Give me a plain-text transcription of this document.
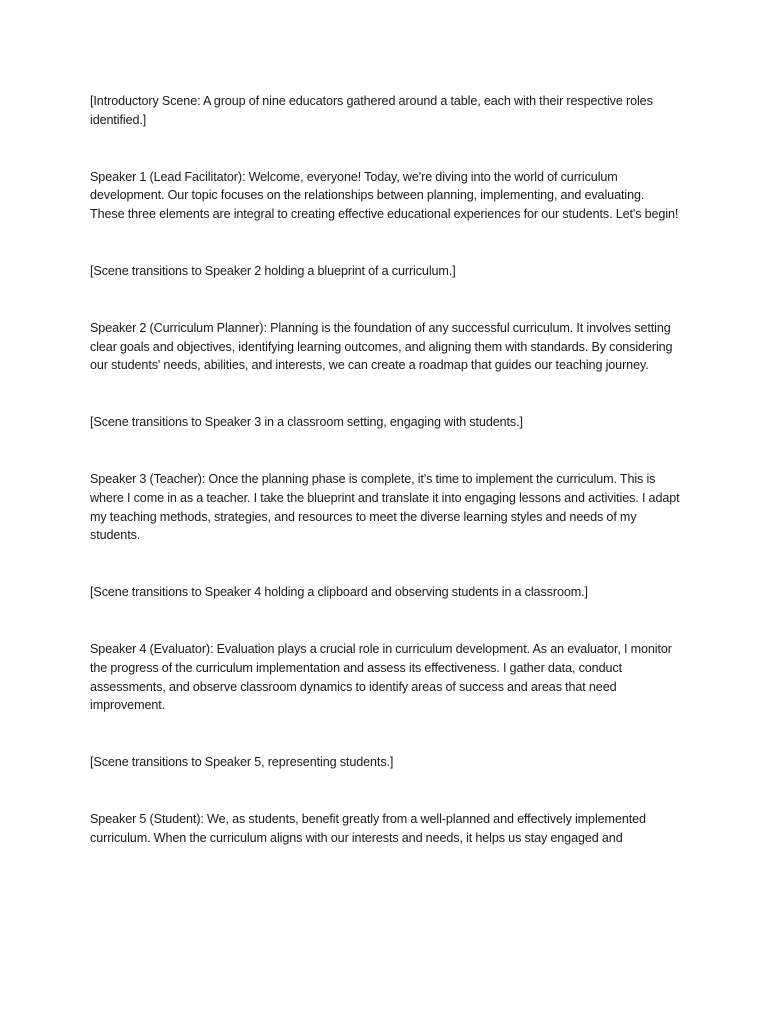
[Introductory Scene: A group of nine educators gathered around a table, each with their respective roles identified.]

Speaker 1 (Lead Facilitator): Welcome, everyone! Today, we're diving into the world of curriculum development. Our topic focuses on the relationships between planning, implementing, and evaluating. These three elements are integral to creating effective educational experiences for our students. Let's begin!

[Scene transitions to Speaker 2 holding a blueprint of a curriculum.]

Speaker 2 (Curriculum Planner): Planning is the foundation of any successful curriculum. It involves setting clear goals and objectives, identifying learning outcomes, and aligning them with standards. By considering our students' needs, abilities, and interests, we can create a roadmap that guides our teaching journey.

[Scene transitions to Speaker 3 in a classroom setting, engaging with students.]

Speaker 3 (Teacher): Once the planning phase is complete, it's time to implement the curriculum. This is where I come in as a teacher. I take the blueprint and translate it into engaging lessons and activities. I adapt my teaching methods, strategies, and resources to meet the diverse learning styles and needs of my students.

[Scene transitions to Speaker 4 holding a clipboard and observing students in a classroom.]

Speaker 4 (Evaluator): Evaluation plays a crucial role in curriculum development. As an evaluator, I monitor the progress of the curriculum implementation and assess its effectiveness. I gather data, conduct assessments, and observe classroom dynamics to identify areas of success and areas that need improvement.

[Scene transitions to Speaker 5, representing students.]

Speaker 5 (Student): We, as students, benefit greatly from a well-planned and effectively implemented curriculum. When the curriculum aligns with our interests and needs, it helps us stay engaged and
